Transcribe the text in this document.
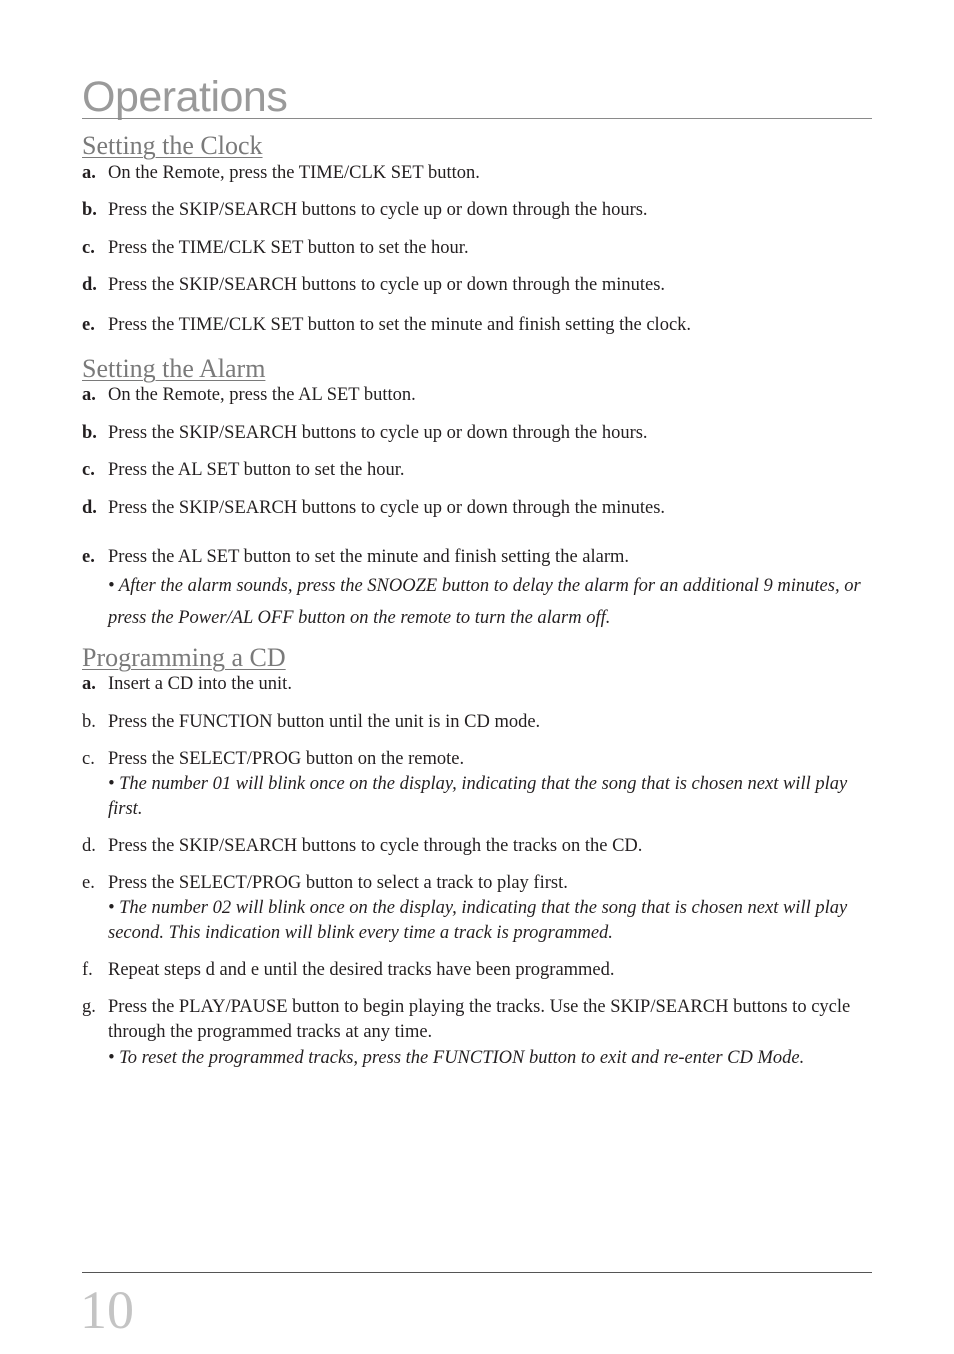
Operations
Setting the Clock
a. On the Remote, press the TIME/CLK SET button.
b. Press the SKIP/SEARCH buttons to cycle up or down through the hours.
c. Press the TIME/CLK SET button to set the hour.
d. Press the SKIP/SEARCH buttons to cycle up or down through the minutes.
e. Press the TIME/CLK SET button to set the minute and finish setting the clock.
Setting the Alarm
a. On the Remote, press the AL SET button.
b. Press the SKIP/SEARCH buttons to cycle up or down through the hours.
c. Press the AL SET button to set the hour.
d. Press the SKIP/SEARCH buttons to cycle up or down through the minutes.
e. Press the AL SET button to set the minute and finish setting the alarm.
• After the alarm sounds, press the SNOOZE button to delay the alarm for an additional 9 minutes, or press the Power/AL OFF button on the remote to turn the alarm off.
Programming a CD
a. Insert a CD into the unit.
b. Press the FUNCTION button until the unit is in CD mode.
c. Press the SELECT/PROG button on the remote.
• The number 01 will blink once on the display, indicating that the song that is chosen next will play first.
d. Press the SKIP/SEARCH buttons to cycle through the tracks on the CD.
e. Press the SELECT/PROG button to select a track to play first.
• The number 02 will blink once on the display, indicating that the song that is chosen next will play second. This indication will blink every time a track is programmed.
f. Repeat steps d and e until the desired tracks have been programmed.
g. Press the PLAY/PAUSE button to begin playing the tracks. Use the SKIP/SEARCH buttons to cycle through the programmed tracks at any time.
• To reset the programmed tracks, press the FUNCTION button to exit and re-enter CD Mode.
10
